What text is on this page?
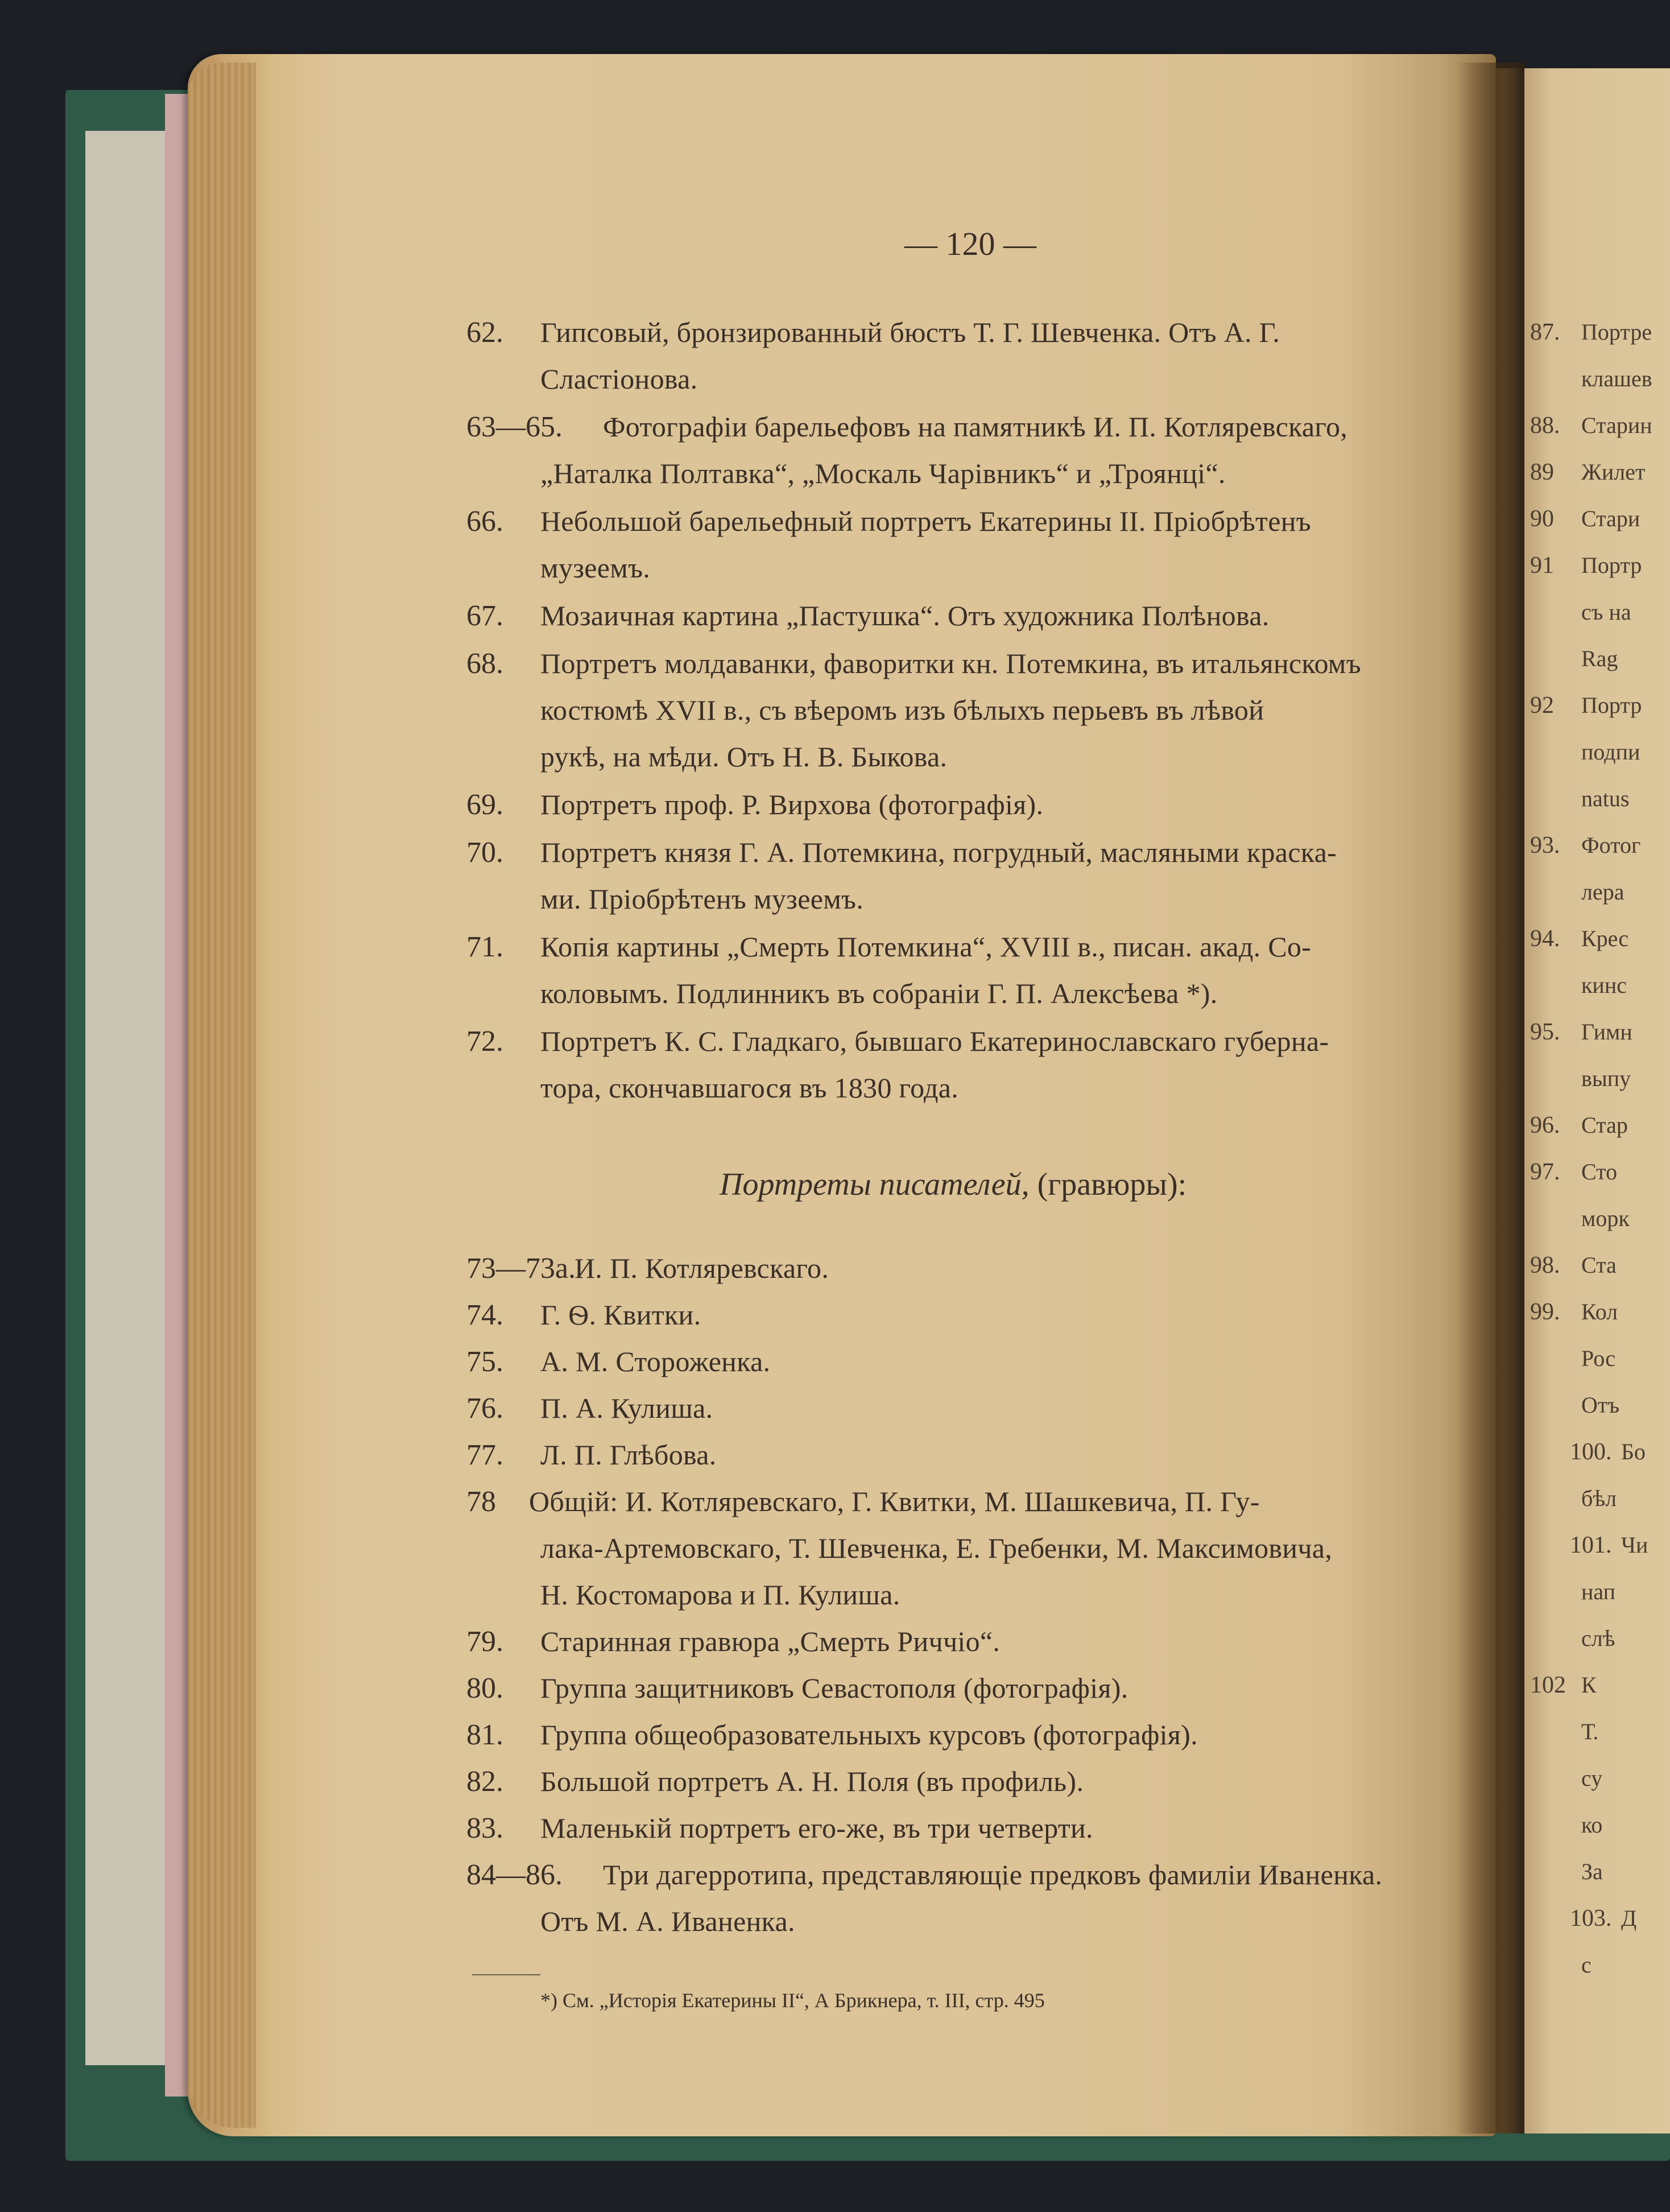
87. Портре
клашев
88. Старин
89 Жилет
90 Стари
91 Портр
съ на
Rag
92 Портр
подпи
natus
93. Фотог
лера
94. Крес
кинс
95. Гимн
выпу
96. Стар
97. Сто
морк
98. Ста
99. Кол
Рос
Отъ
100. Бо
бѣл
101. Чи
нап
слѣ
102 К
Т.
су
ко
За
103. Д
с
— 120 —
62. Гипсовый, бронзированный бюстъ Т. Г. Шевченка. Отъ А. Г.
Сластіонова.
63—65. Фотографіи барельефовъ на памятникѣ И. П. Котляревскаго,
„Наталка Полтавка“, „Москаль Чарівникъ“ и „Троянці“.
66. Небольшой барельефный портретъ Екатерины II. Пріобрѣтенъ
музеемъ.
67. Мозаичная картина „Пастушка“. Отъ художника Полѣнова.
68. Портретъ молдаванки, фаворитки кн. Потемкина, въ итальянскомъ
костюмѣ XVII в., съ вѣеромъ изъ бѣлыхъ перьевъ въ лѣвой
рукѣ, на мѣди. Отъ Н. В. Быкова.
69. Портретъ проф. Р. Вирхова (фотографія).
70. Портретъ князя Г. А. Потемкина, погрудный, масляными краска-
ми. Пріобрѣтенъ музеемъ.
71. Копія картины „Смерть Потемкина“, XVIII в., писан. акад. Со-
коловымъ. Подлинникъ въ собраніи Г. П. Алексѣева *).
72. Портретъ К. С. Гладкаго, бывшаго Екатеринославскаго губерна-
тора, скончавшагося въ 1830 года.
Портреты писателей, (гравюры):
73—73а.
И. П. Котляревскаго.
74. Г. Ѳ. Квитки.
75. А. М. Стороженка.
76. П. А. Кулиша.
77. Л. П. Глѣбова.
78 Общій: И. Котляревскаго, Г. Квитки, М. Шашкевича, П. Гу-
лака-Артемовскаго, Т. Шевченка, Е. Гребенки, М. Максимовича,
Н. Костомарова и П. Кулиша.
79. Старинная гравюра „Смерть Риччіо“.
80. Группа защитниковъ Севастополя (фотографія).
81. Группа общеобразовательныхъ курсовъ (фотографія).
82. Большой портретъ А. Н. Поля (въ профиль).
83. Маленькій портретъ его-же, въ три четверти.
84—86. Три дагерротипа, представляющіе предковъ фамиліи Иваненка.
Отъ М. А. Иваненка.
*) См. „Исторія Екатерины II“, А Брикнера, т. III, стр. 495
